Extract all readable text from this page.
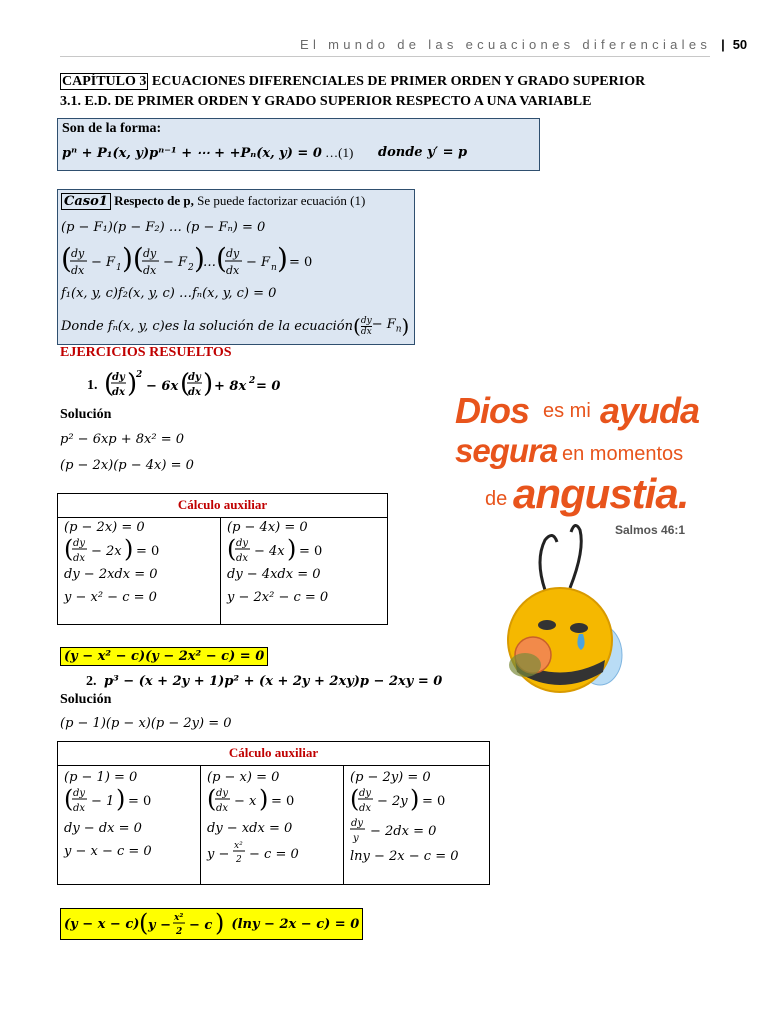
El mundo de las ecuaciones diferenciales | 50
CAPÍTULO 3 ECUACIONES DIFERENCIALES DE PRIMER ORDEN Y GRADO SUPERIOR
3.1. E.D. DE PRIMER ORDEN Y GRADO SUPERIOR RESPECTO A UNA VARIABLE
Son de la forma:
pⁿ + P₁(x, y)pⁿ⁻¹ + ⋯ + +Pₙ(x, y) = 0 …(1) donde y′ = p
Caso1 Respecto de p, Se puede factorizar ecuación (1)
(p − F₁)(p − F₂) … (p − Fₙ) = 0
( dy
dx
− F 1 )( dy
dx
− F 2 )
… ( dy
dx
− F n ) = 0
f₁(x, y, c)f₂(x, y, c) …fₙ(x, y, c) = 0
Donde fₙ(x, y, c)es la solución de la ecuación ( dy
dx − $F_n$ )
EJERCICIOS RESUELTOS
1. (
dy
dx )
2
− 6x (
dy
dx ) + 8x 2 = 0
Solución
p² − 6xp + 8x² = 0
(p − 2x)(p − 4x) = 0
Cálculo auxiliar

(p − 2x) = 0
( dy
dx − 2x ) = 0
dy − 2xdx = 0
y − x² − c = 0

(p − 4x) = 0
( dy
dx − 4x ) = 0
dy − 4xdx = 0
y − 2x² − c = 0
(y − x² − c)(y − 2x² − c) = 0
2. p³ − (x + 2y + 1)p² + (x + 2y + 2xy)p − 2xy = 0
Solución
(p − 1)(p − x)(p − 2y) = 0
Cálculo auxiliar

(p − 1) = 0
( dy
dx − 1 ) = 0
dy − dx = 0
y − x − c = 0

(p − x) = 0
( dy
dx − x ) = 0
dy − xdx = 0
y −
x²
2 − c = 0

(p − 2y) = 0
( dy
dx − 2y ) = 0
dy
y − 2dx = 0
lny − 2x − c = 0
(y − x − c) ( y − x²
2 − c ) (lny − 2x − c) = 0
Dios es mi ayuda
segura en momentos
de angustia.
Salmos 46:1
